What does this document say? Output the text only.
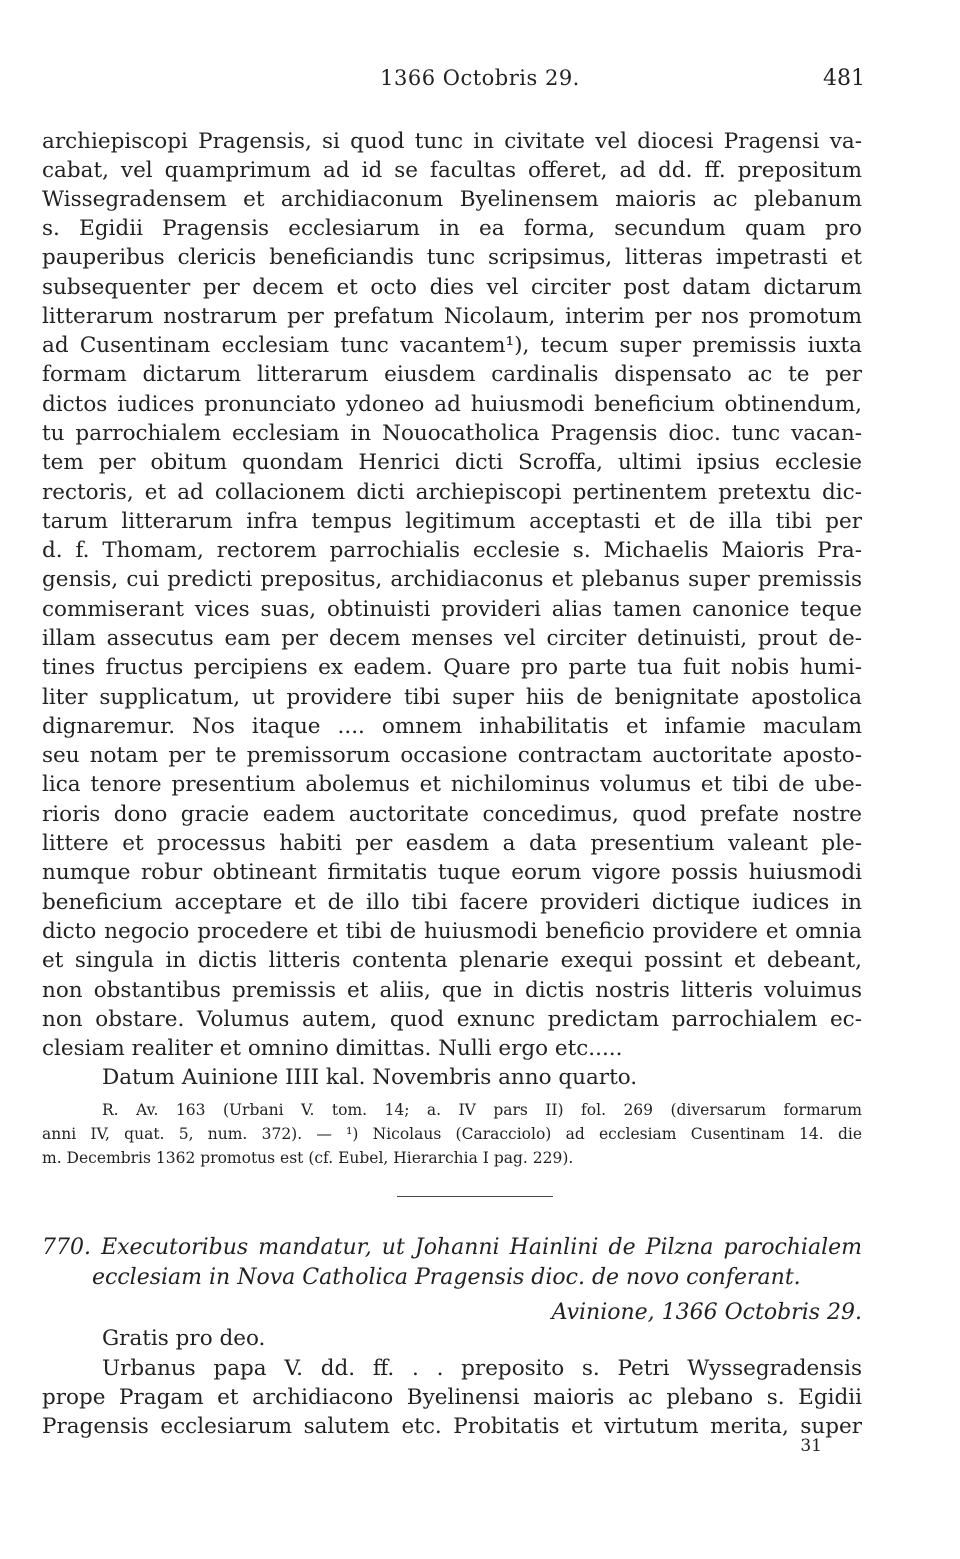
1366 Octobris 29.	481
archiepiscopi Pragensis, si quod tunc in civitate vel diocesi Pragensi va-
cabat, vel quamprimum ad id se facultas offeret, ad dd. ff. prepositum
Wissegradensem et archidiaconum Byelinensem maioris ac plebanum
s. Egidii Pragensis ecclesiarum in ea forma, secundum quam pro
pauperibus clericis beneficiandis tunc scripsimus, litteras impetrasti et
subsequenter per decem et octo dies vel circiter post datam dictarum
litterarum nostrarum per prefatum Nicolaum, interim per nos promotum
ad Cusentinam ecclesiam tunc vacantem¹), tecum super premissis iuxta
formam dictarum litterarum eiusdem cardinalis dispensato ac te per
dictos iudices pronunciato ydoneo ad huiusmodi beneficium obtinendum,
tu parrochialem ecclesiam in Nouocatholica Pragensis dioc. tunc vacan-
tem per obitum quondam Henrici dicti Scroffa, ultimi ipsius ecclesie
rectoris, et ad collacionem dicti archiepiscopi pertinentem pretextu dic-
tarum litterarum infra tempus legitimum acceptasti et de illa tibi per
d. f. Thomam, rectorem parrochialis ecclesie s. Michaelis Maioris Pra-
gensis, cui predicti prepositus, archidiaconus et plebanus super premissis
commiserant vices suas, obtinuisti provideri alias tamen canonice teque
illam assecutus eam per decem menses vel circiter detinuisti, prout de-
tines fructus percipiens ex eadem. Quare pro parte tua fuit nobis humi-
liter supplicatum, ut providere tibi super hiis de benignitate apostolica
dignaremur. Nos itaque .... omnem inhabilitatis et infamie maculam
seu notam per te premissorum occasione contractam auctoritate aposto-
lica tenore presentium abolemus et nichilominus volumus et tibi de ube-
rioris dono gracie eadem auctoritate concedimus, quod prefate nostre
littere et processus habiti per easdem a data presentium valeant ple-
numque robur obtineant firmitatis tuque eorum vigore possis huiusmodi
beneficium acceptare et de illo tibi facere provideri dictique iudices in
dicto negocio procedere et tibi de huiusmodi beneficio providere et omnia
et singula in dictis litteris contenta plenarie exequi possint et debeant,
non obstantibus premissis et aliis, que in dictis nostris litteris voluimus
non obstare. Volumus autem, quod exnunc predictam parrochialem ec-
clesiam realiter et omnino dimittas. Nulli ergo etc.....
Datum Auinione IIII kal. Novembris anno quarto.
R. Av. 163 (Urbani V. tom. 14; a. IV pars II) fol. 269 (diversarum formarum
anni IV, quat. 5, num. 372). — ¹) Nicolaus (Caracciolo) ad ecclesiam Cusentinam 14. die
m. Decembris 1362 promotus est (cf. Eubel, Hierarchia I pag. 229).
770. Executoribus mandatur, ut Johanni Hainlini de Pilzna parochialem
ecclesiam in Nova Catholica Pragensis dioc. de novo conferant.
Avinione, 1366 Octobris 29.
Gratis pro deo.
Urbanus papa V. dd. ff. . . preposito s. Petri Wyssegradensis
prope Pragam et archidiacono Byelinensi maioris ac plebano s. Egidii
Pragensis ecclesiarum salutem etc. Probitatis et virtutum merita, super
31
